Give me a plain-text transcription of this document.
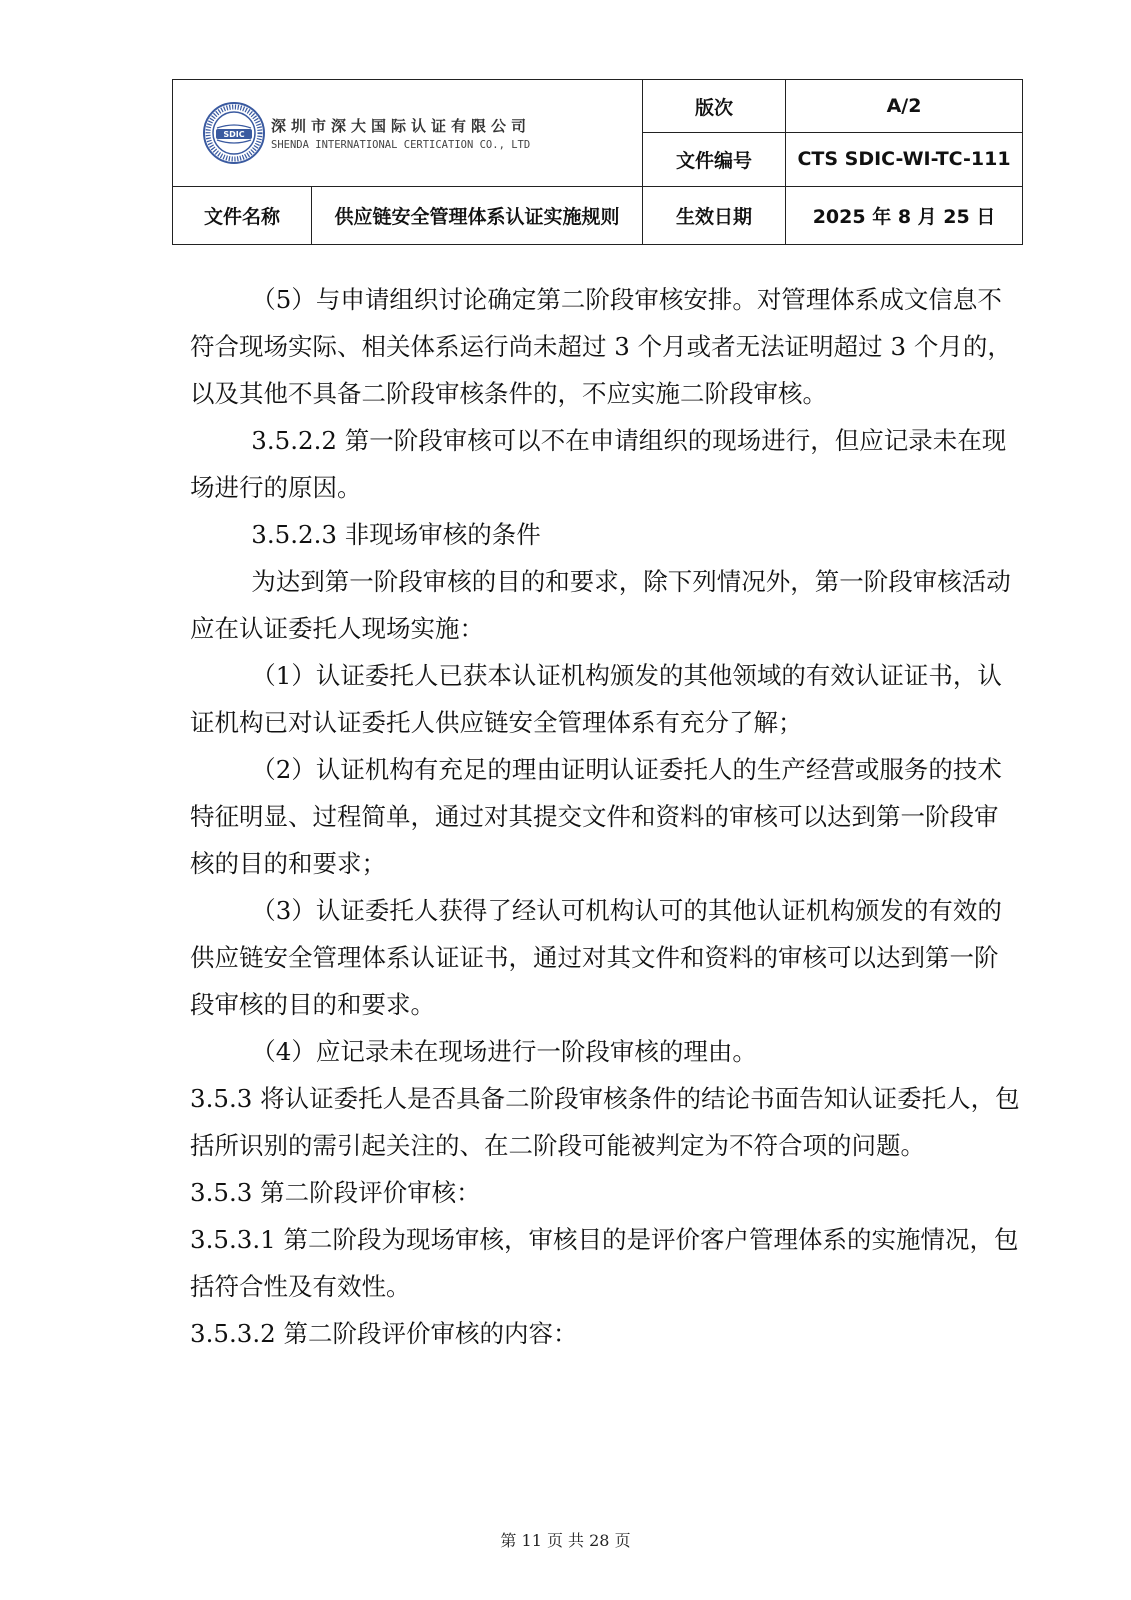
SDIC 深圳市深大国际认证有限公司
SHENDA INTERNATIONAL CERTICATION CO., LTD		版次	A/2
		文件编号	CTS SDIC-WI-TC-111
文件名称	供应链安全管理体系认证实施规则	生效日期	2025 年 8 月 25 日

（5）与申请组织讨论确定第二阶段审核安排。对管理体系成文信息不符合现场实际、相关体系运行尚未超过 3 个月或者无法证明超过 3 个月的，以及其他不具备二阶段审核条件的，不应实施二阶段审核。

3.5.2.2 第一阶段审核可以不在申请组织的现场进行，但应记录未在现场进行的原因。

3.5.2.3 非现场审核的条件

为达到第一阶段审核的目的和要求，除下列情况外，第一阶段审核活动应在认证委托人现场实施：

（1）认证委托人已获本认证机构颁发的其他领域的有效认证证书，认证机构已对认证委托人供应链安全管理体系有充分了解；

（2）认证机构有充足的理由证明认证委托人的生产经营或服务的技术特征明显、过程简单，通过对其提交文件和资料的审核可以达到第一阶段审核的目的和要求；

（3）认证委托人获得了经认可机构认可的其他认证机构颁发的有效的供应链安全管理体系认证证书，通过对其文件和资料的审核可以达到第一阶段审核的目的和要求。

（4）应记录未在现场进行一阶段审核的理由。

3.5.3 将认证委托人是否具备二阶段审核条件的结论书面告知认证委托人，包括所识别的需引起关注的、在二阶段可能被判定为不符合项的问题。

3.5.3 第二阶段评价审核：

3.5.3.1 第二阶段为现场审核，审核目的是评价客户管理体系的实施情况，包括符合性及有效性。

3.5.3.2 第二阶段评价审核的内容：

第 11 页 共 28 页
